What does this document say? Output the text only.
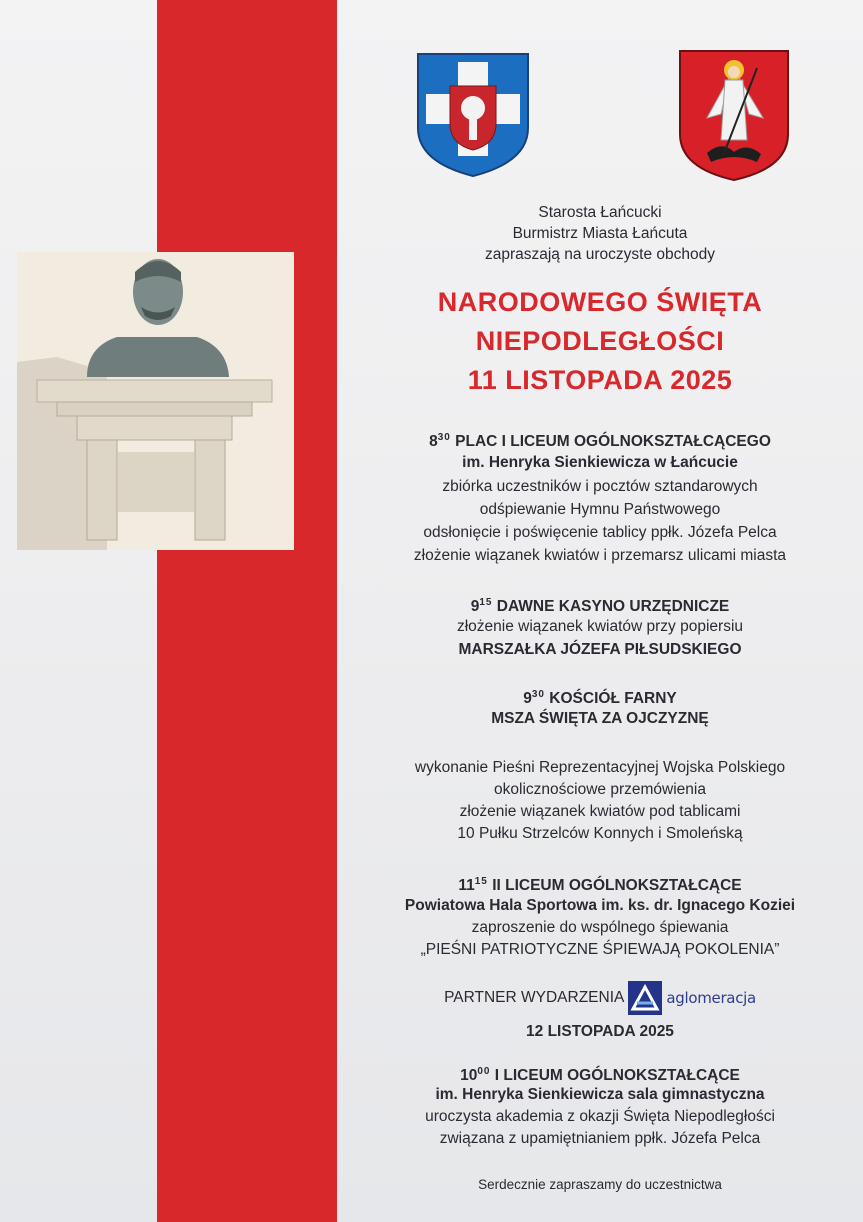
Starosta Łańcucki
Burmistrz Miasta Łańcuta
zapraszają na uroczyste obchody
NARODOWEGO ŚWIĘTA
NIEPODLEGŁOŚCI
11 LISTOPADA 2025
$8^{30}$ PLAC I LICEUM OGÓLNOKSZTAŁCĄCEGO
im. Henryka Sienkiewicza w Łańcucie
zbiórka uczestników i pocztów sztandarowych
odśpiewanie Hymnu Państwowego
odsłonięcie i poświęcenie tablicy ppłk. Józefa Pelca
złożenie wiązanek kwiatów i przemarsz ulicami miasta
$9^{15}$ DAWNE KASYNO URZĘDNICZE
złożenie wiązanek kwiatów przy popiersiu
MARSZAŁKA JÓZEFA PIŁSUDSKIEGO
$9^{30}$ KOŚCIÓŁ FARNY
MSZA ŚWIĘTA ZA OJCZYZNĘ
wykonanie Pieśni Reprezentacyjnej Wojska Polskiego
okolicznościowe przemówienia
złożenie wiązanek kwiatów pod tablicami
10 Pułku Strzelców Konnych i Smoleńską
$11^{15}$ II LICEUM OGÓLNOKSZTAŁCĄCE
Powiatowa Hala Sportowa im. ks. dr. Ignacego Koziei
zaproszenie do wspólnego śpiewania
„PIEŚNI PATRIOTYCZNE ŚPIEWAJĄ POKOLENIA”
PARTNER WYDARZENIA	aglomeracja
12 LISTOPADA 2025
$10^{00}$ I LICEUM OGÓLNOKSZTAŁCĄCE
im. Henryka Sienkiewicza sala gimnastyczna
uroczysta akademia z okazji Święta Niepodległości
związana z upamiętnianiem ppłk. Józefa Pelca
Serdecznie zapraszamy do uczestnictwa
